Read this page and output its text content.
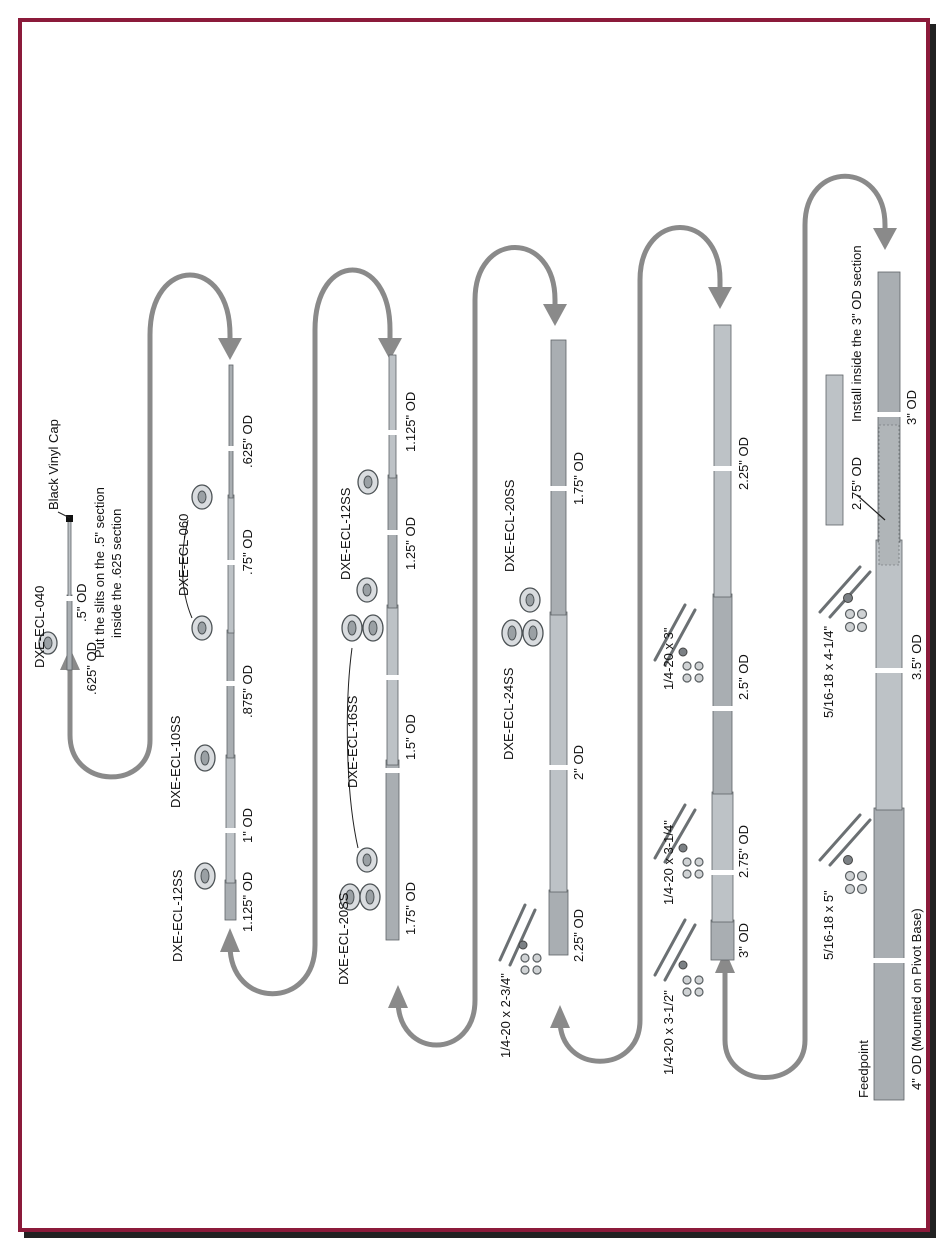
DXE-ECL-040
.625" OD
.5" OD Put the slits on the .5" section inside the .625 section
Black Vinyl Cap
DXE-ECL-12SS
DXE-ECL-10SS
DXE-ECL-060
1.125" OD
1" OD
.875" OD
.75" OD
.625" OD
DXE-ECL-20SS
DXE-ECL-16SS
DXE-ECL-12SS
1.75" OD
1.5" OD
1.25" OD
1.125" OD
1/4-20 x 2-3/4"
DXE-ECL-24SS
DXE-ECL-20SS
2.25" OD
2" OD
1.75" OD
1/4-20 x 3-1/2"
1/4-20 x 3-1/4"
1/4-20 x 3"
3" OD
2.75" OD
2.5" OD
2.25" OD
Feedpoint	4" OD (Mounted on Pivot Base)
5/16-18 x 5"
5/16-18 x 4-1/4"	3.5" OD
3" OD
2.75" OD
Install inside the 3" OD section
